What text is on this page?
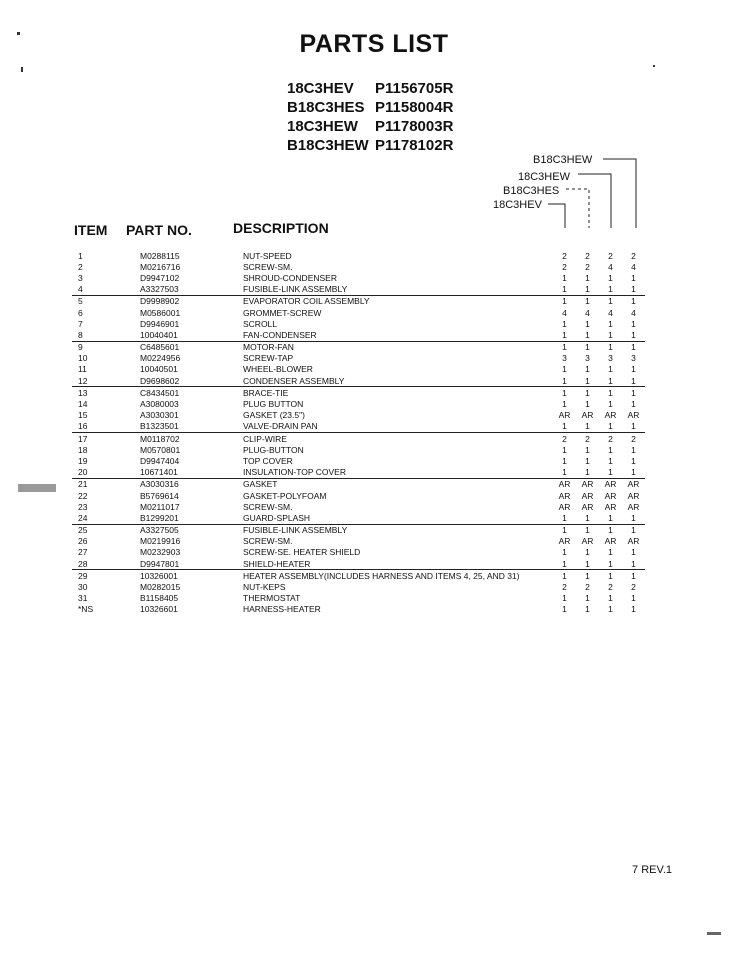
PARTS LIST
18C3HEV P1156705R
B18C3HES P1158004R
18C3HEW P1178003R
B18C3HEW P1178102R
B18C3HEW
18C3HEW
B18C3HES
18C3HEV
ITEM PART NO.	DESCRIPTION
1	M0288115	NUT-SPEED	2	2	2	2
2	M0216716	SCREW-SM.	2	2	4	4
3	D9947102	SHROUD-CONDENSER	1	1	1	1
4	A3327503	FUSIBLE-LINK ASSEMBLY	1	1	1	1
5	D9998902	EVAPORATOR COIL ASSEMBLY	1	1	1	1
6	M0586001	GROMMET-SCREW	4	4	4	4
7	D9946901	SCROLL	1	1	1	1
8	10040401	FAN-CONDENSER	1	1	1	1
9	C6485601	MOTOR-FAN	1	1	1	1
10	M0224956	SCREW-TAP	3	3	3	3
11	10040501	WHEEL-BLOWER	1	1	1	1
12	D9698602	CONDENSER ASSEMBLY	1	1	1	1
13	C8434501	BRACE-TIE	1	1	1	1
14	A3080003	PLUG BUTTON	1	1	1	1
15	A3030301	GASKET (23.5")	AR	AR	AR	AR
16	B1323501	VALVE-DRAIN PAN	1	1	1	1
17	M0118702	CLIP-WIRE	2	2	2	2
18	M0570801	PLUG-BUTTON	1	1	1	1
19	D9947404	TOP COVER	1	1	1	1
20	10671401	INSULATION-TOP COVER	1	1	1	1
21	A3030316	GASKET	AR	AR	AR	AR
22	B5769614	GASKET-POLYFOAM	AR	AR	AR	AR
23	M0211017	SCREW-SM.	AR	AR	AR	AR
24	B1299201	GUARD-SPLASH	1	1	1	1
25	A3327505	FUSIBLE-LINK ASSEMBLY	1	1	1	1
26	M0219916	SCREW-SM.	AR	AR	AR	AR
27	M0232903	SCREW-SE. HEATER SHIELD	1	1	1	1
28	D9947801	SHIELD-HEATER	1	1	1	1
29	10326001	HEATER ASSEMBLY(INCLUDES HARNESS AND ITEMS 4, 25, AND 31)	1	1	1	1
30	M0282015	NUT-KEPS	2	2	2	2
31	B1158405	THERMOSTAT	1	1	1	1
*NS	10326601	HARNESS-HEATER	1	1	1	1
7 REV.1
